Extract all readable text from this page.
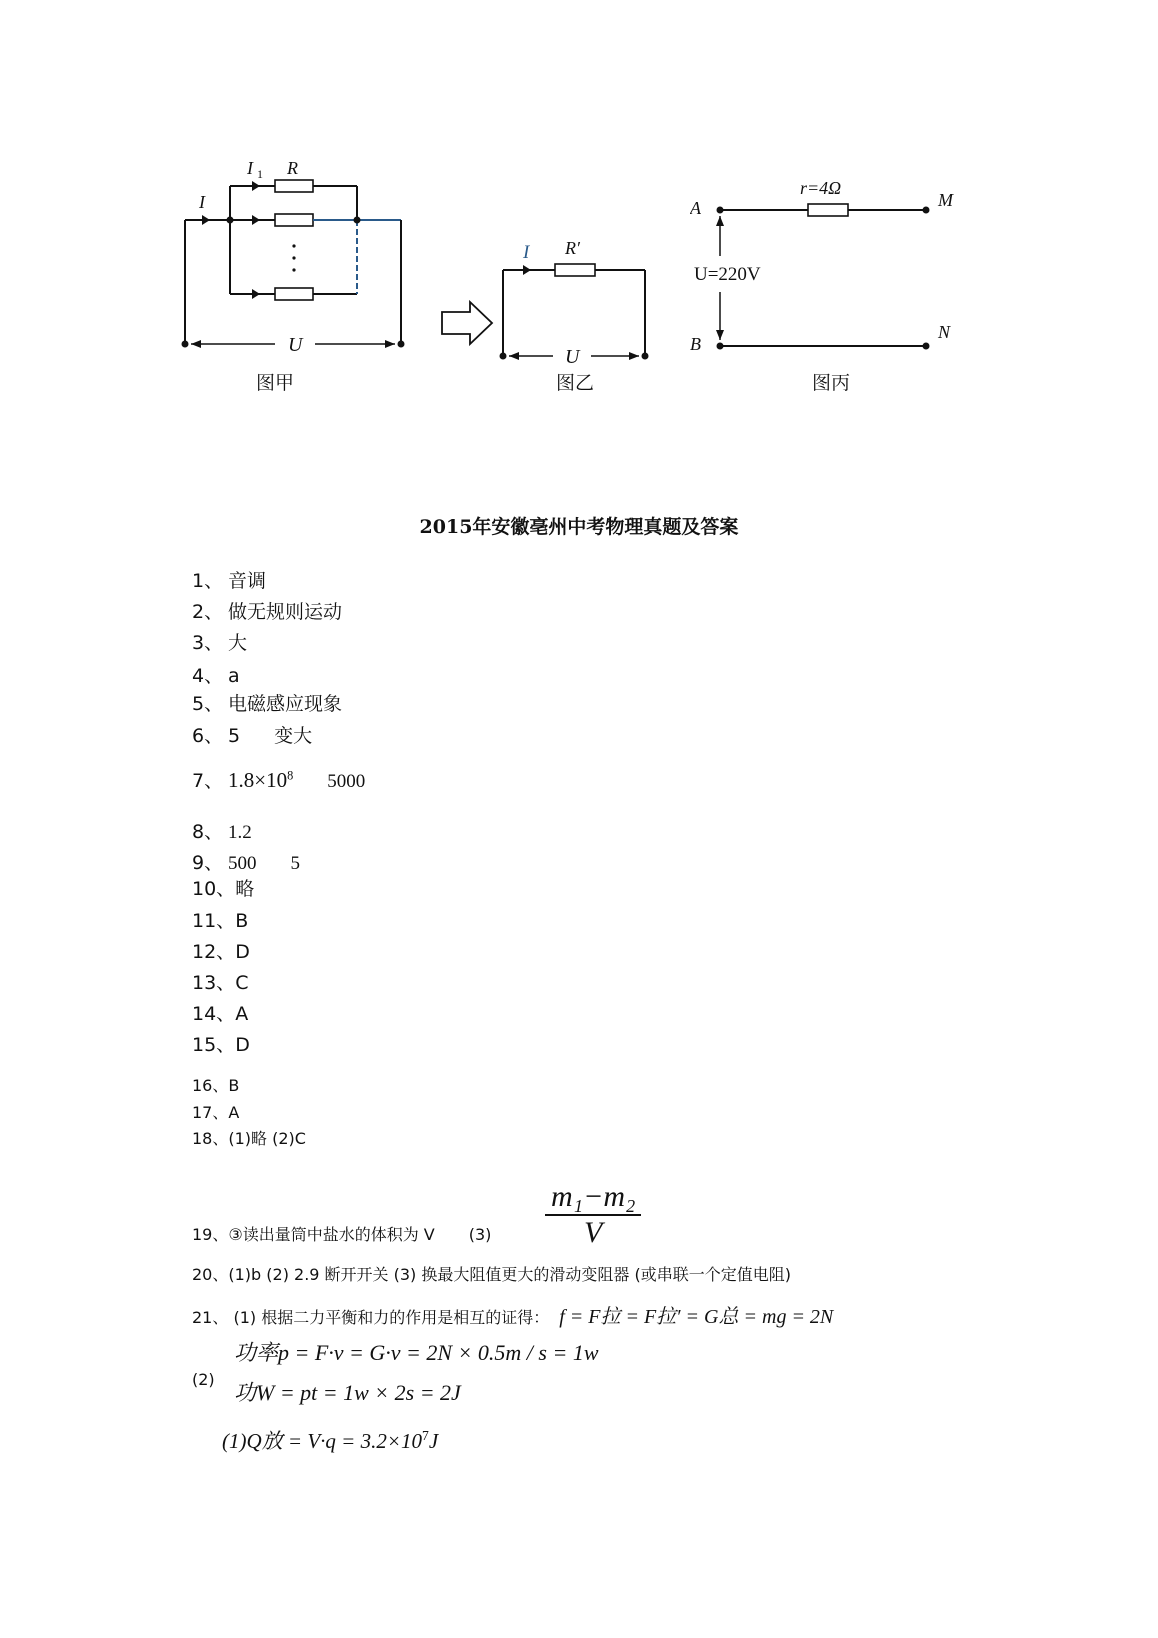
I 1 R
I
U
图甲
I R′
U
图乙
r=4Ω
A
B
M
N
U=220V
图丙
2015年安徽亳州中考物理真题及答案
1、 音调
2、 做无规则运动
3、 大
4、 a
5、 电磁感应现象
6、 5 变大
7、 $1.8\times 10^8$ 5000
8、 1.2
9、 500 5
10、略
11、B
12、D
13、C
14、A
15、D
16、B
17、A
18、(1)略 (2)C
19、③读出量筒中盐水的体积为 V $(3) \frac{\text{m₁−m₂}}{V}$
20、(1)b (2) 2.9 断开开关 (3) 换最大阻值更大的滑动变阻器 (或串联一个定值电阻)
21、 (1) 根据二力平衡和力的作用是相互的证得： f = F拉 = F拉′ = G总 = mg = 2N
(2)
功率p = F·v = G·v = 2N × 0.5m / s = 1w
功W = pt = 1w × 2s = 2J
(1)Q放 = $V\cdot q = 3.2\times 10^7J$
